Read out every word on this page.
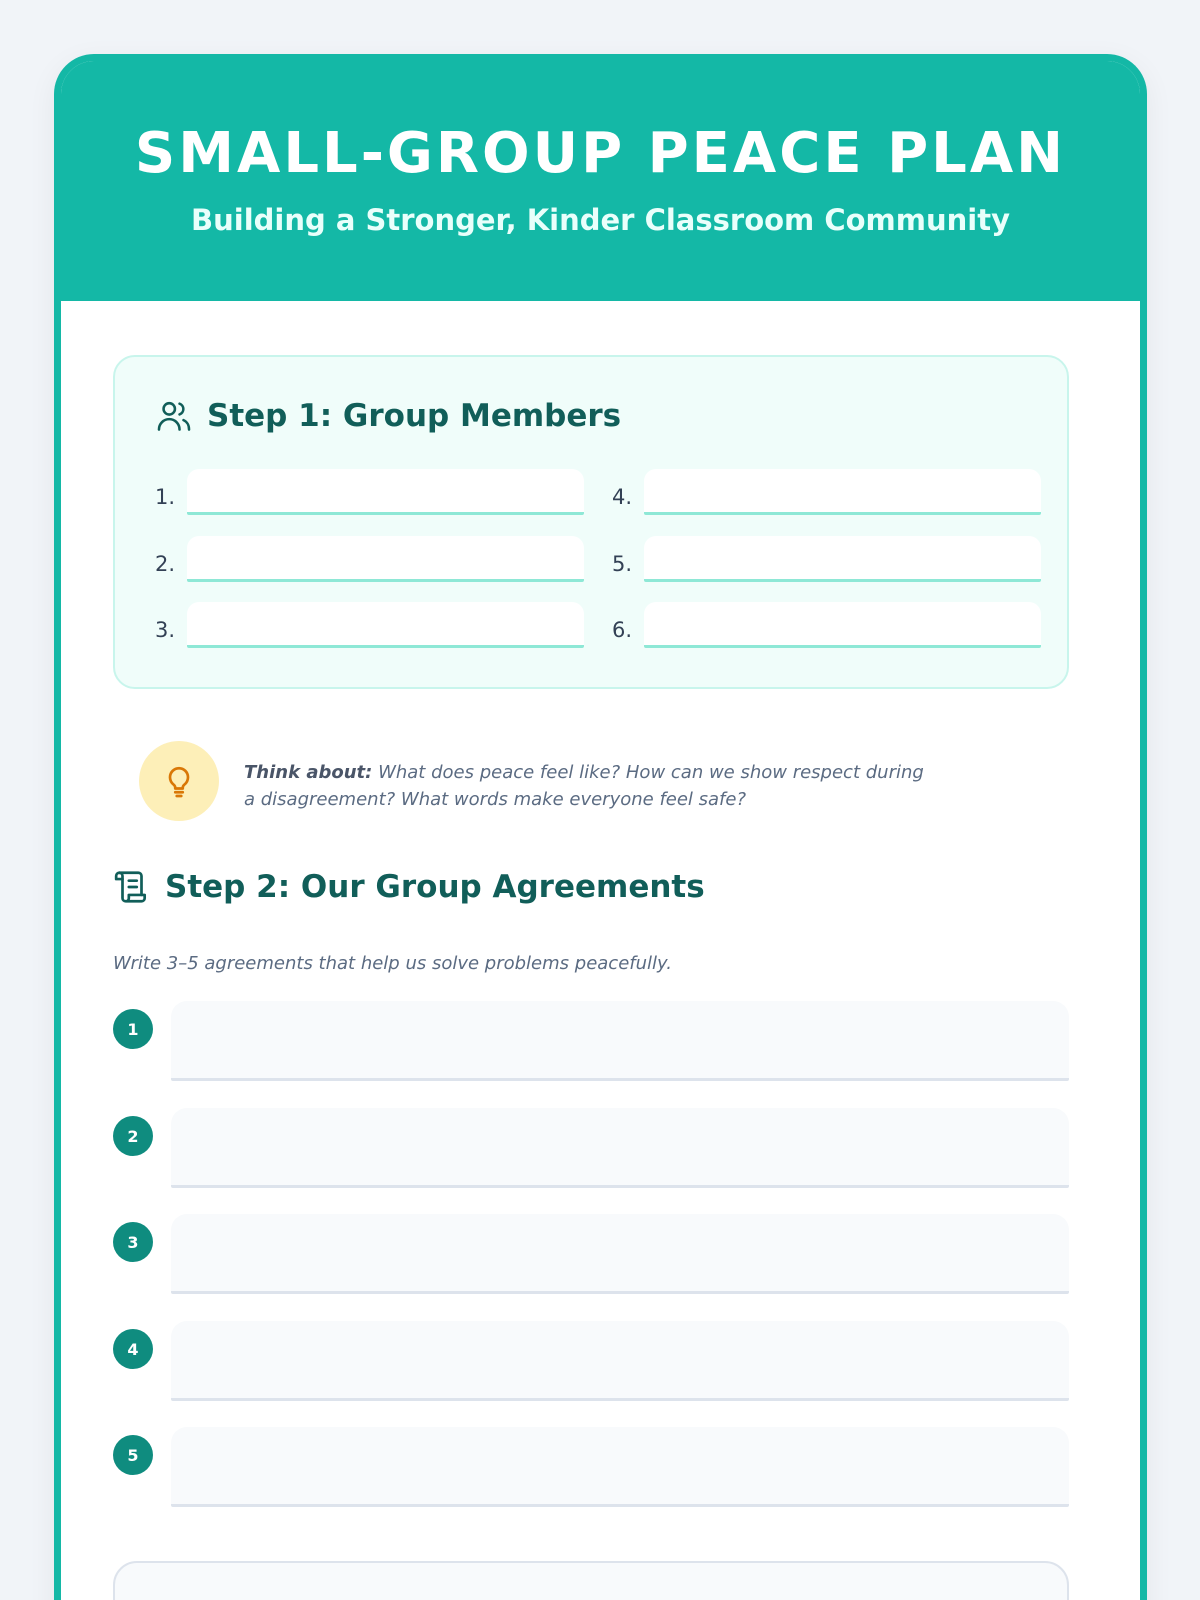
SMALL-GROUP PEACE PLAN
Building a Stronger, Kinder Classroom Community
Step 1: Group Members
1.
2.
3.
4.
5.
6.
Think about: What does peace feel like? How can we show respect during a disagreement? What words make everyone feel safe?
Step 2: Our Group Agreements
Write 3–5 agreements that help us solve problems peacefully.
1
2
3
4
5
